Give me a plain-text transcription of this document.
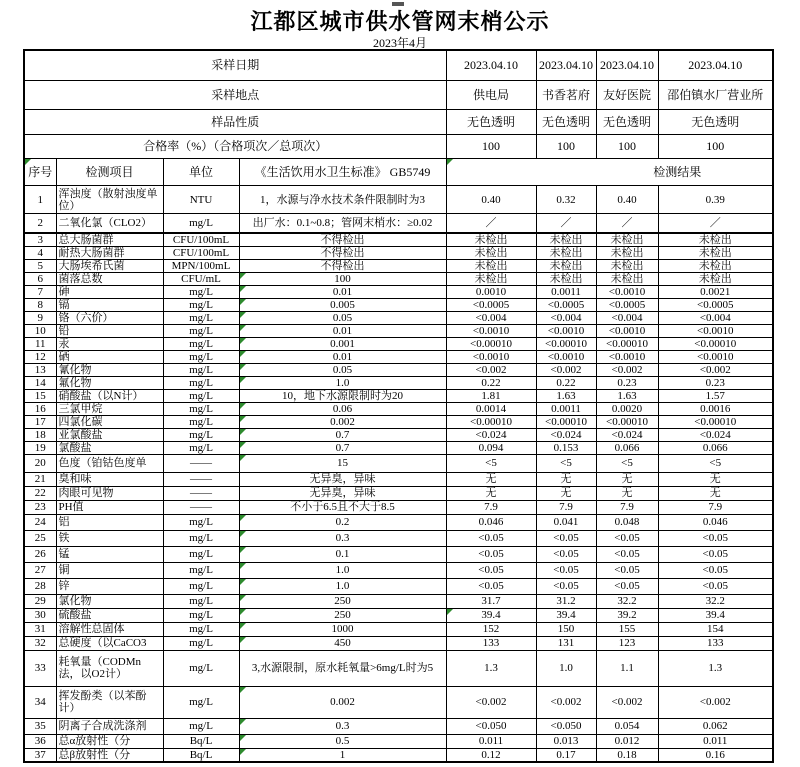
江都区城市供水管网末梢公示
2023年4月
采样日期				2023.04.10	2023.04.10	2023.04.10	2023.04.10
采样地点				供电局	书香茗府	友好医院	邵伯镇水厂营业所
样品性质				无色透明	无色透明	无色透明	无色透明
合格率（%）（合格项次／总项次）				100	100	100	100
序号	检测项目	单位	《生活饮用水卫生标准》 GB5749	检测结果			
1	浑浊度（散射浊度单位）	NTU	1，水源与净水技术条件限制时为3	0.40	0.32	0.40	0.39
2	二氧化氯（CLO2）	mg/L	出厂水：0.1~0.8；管网末梢水：≥0.02	／	／	／	／
3	总大肠菌群	CFU/100mL	不得检出	未检出	未检出	未检出	未检出
4	耐热大肠菌群	CFU/100mL	不得检出	未检出	未检出	未检出	未检出
5	大肠埃希氏菌	MPN/100mL	不得检出	未检出	未检出	未检出	未检出
6	菌落总数	CFU/mL	100	未检出	未检出	未检出	未检出
7	砷	mg/L	0.01	0.0010	0.0011	<0.0010	0.0021
8	镉	mg/L	0.005	<0.0005	<0.0005	<0.0005	<0.0005
9	铬（六价）	mg/L	0.05	<0.004	<0.004	<0.004	<0.004
10	铅	mg/L	0.01	<0.0010	<0.0010	<0.0010	<0.0010
11	汞	mg/L	0.001	<0.00010	<0.00010	<0.00010	<0.00010
12	硒	mg/L	0.01	<0.0010	<0.0010	<0.0010	<0.0010
13	氰化物	mg/L	0.05	<0.002	<0.002	<0.002	<0.002
14	氟化物	mg/L	1.0	0.22	0.22	0.23	0.23
15	硝酸盐（以N计）	mg/L	10，地下水源限制时为20	1.81	1.63	1.63	1.57
16	三氯甲烷	mg/L	0.06	0.0014	0.0011	0.0020	0.0016
17	四氯化碳	mg/L	0.002	<0.00010	<0.00010	<0.00010	<0.00010
18	亚氯酸盐	mg/L	0.7	<0.024	<0.024	<0.024	<0.024
19	氯酸盐	mg/L	0.7	0.094	0.153	0.066	0.066
20	色度（铂钴色度单	——	15	<5	<5	<5	<5
21	臭和味	——	无异臭，异味	无	无	无	无
22	肉眼可见物	——	无异臭，异味	无	无	无	无
23	PH值	——	不小于6.5且不大于8.5	7.9	7.9	7.9	7.9
24	铝	mg/L	0.2	0.046	0.041	0.048	0.046
25	铁	mg/L	0.3	<0.05	<0.05	<0.05	<0.05
26	锰	mg/L	0.1	<0.05	<0.05	<0.05	<0.05
27	铜	mg/L	1.0	<0.05	<0.05	<0.05	<0.05
28	锌	mg/L	1.0	<0.05	<0.05	<0.05	<0.05
29	氯化物	mg/L	250	31.7	31.2	32.2	32.2
30	硫酸盐	mg/L	250	39.4	39.4	39.2	39.4
31	溶解性总固体	mg/L	1000	152	150	155	154
32	总硬度（以CaCO3	mg/L	450	133	131	123	133
33	耗氧量（CODMn法，以O2计）	mg/L	3,水源限制，原水耗氧量>6mg/L时为5	1.3	1.0	1.1	1.3
34	挥发酚类（以苯酚计）	mg/L	0.002	<0.002	<0.002	<0.002	<0.002
35	阴离子合成洗涤剂	mg/L	0.3	<0.050	<0.050	0.054	0.062
36	总α放射性（分	Bq/L	0.5	0.011	0.013	0.012	0.011
37	总β放射性（分	Bq/L	1	0.12	0.17	0.18	0.16
